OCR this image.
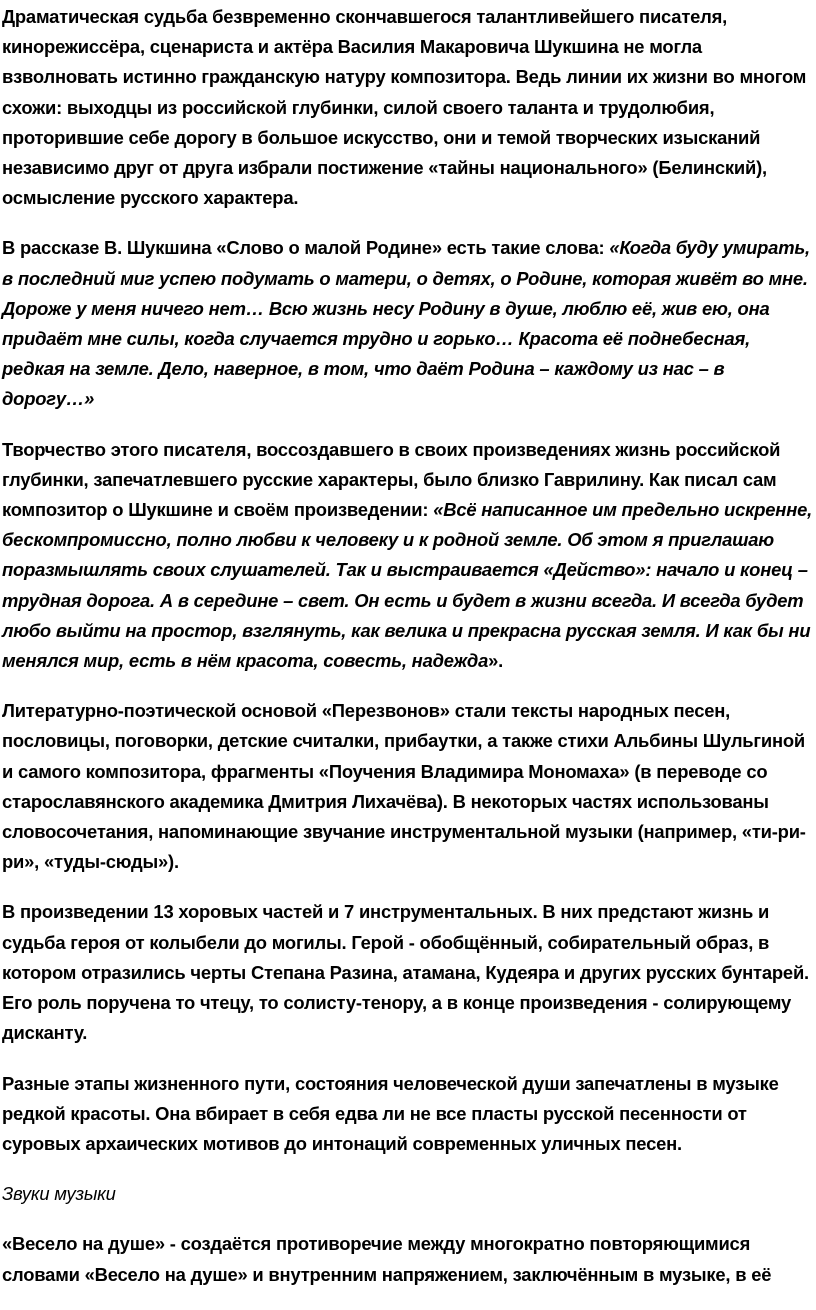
Драматическая судьба безвременно скончавшегося талантливейшего писателя, кинорежиссёра, сценариста и актёра Василия Макаровича Шукшина не могла взволновать истинно гражданскую натуру композитора. Ведь линии их жизни во многом схожи: выходцы из российской глубинки, силой своего таланта и трудолюбия, проторившие себе дорогу в большое искусство, они и темой творческих изысканий независимо друг от друга избрали постижение «тайны национального» (Белинский), осмысление русского характера.

В рассказе В. Шукшина «Слово о малой Родине» есть такие слова: «Когда буду умирать, в последний миг успею подумать о матери, о детях, о Родине, которая живёт во мне. Дороже у меня ничего нет… Всю жизнь несу Родину в душе, люблю её, жив ею, она придаёт мне силы, когда случается трудно и горько… Красота её поднебесная, редкая на земле. Дело, наверное, в том, что даёт Родина – каждому из нас – в дорогу…»

Творчество этого писателя, воссоздавшего в своих произведениях жизнь российской глубинки, запечатлевшего русские характеры, было близко Гаврилину. Как писал сам композитор о Шукшине и своём произведении: «Всё написанное им предельно искренне, бескомпромиссно, полно любви к человеку и к родной земле. Об этом я приглашаю поразмышлять своих слушателей. Так и выстраивается «Действо»: начало и конец – трудная дорога. А в середине – свет. Он есть и будет в жизни всегда. И всегда будет любо выйти на простор, взглянуть, как велика и прекрасна русская земля. И как бы ни менялся мир, есть в нём красота, совесть, надежда».

Литературно-поэтической основой «Перезвонов» стали тексты народных песен, пословицы, поговорки, детские считалки, прибаутки, а также стихи Альбины Шульгиной и самого композитора, фрагменты «Поучения Владимира Мономаха» (в переводе со старославянского академика Дмитрия Лихачёва). В некоторых частях использованы словосочетания, напоминающие звучание инструментальной музыки (например, «ти-ри-ри», «туды-сюды»).

В произведении 13 хоровых частей и 7 инструментальных. В них предстают жизнь и судьба героя от колыбели до могилы. Герой - обобщённый, собирательный образ, в котором отразились черты Степана Разина, атамана, Кудеяра и других русских бунтарей. Его роль поручена то чтецу, то солисту-тенору, а в конце произведения - солирующему дисканту.

Разные этапы жизненного пути, состояния человеческой души запечатлены в музыке редкой красоты. Она вбирает в себя едва ли не все пласты русской песенности от суровых архаических мотивов до интонаций современных уличных песен.

Звуки музыки

«Весело на душе» - создаётся противоречие между многократно повторяющимися словами «Весело на душе» и внутренним напряжением, заключённым в музыке, в её
